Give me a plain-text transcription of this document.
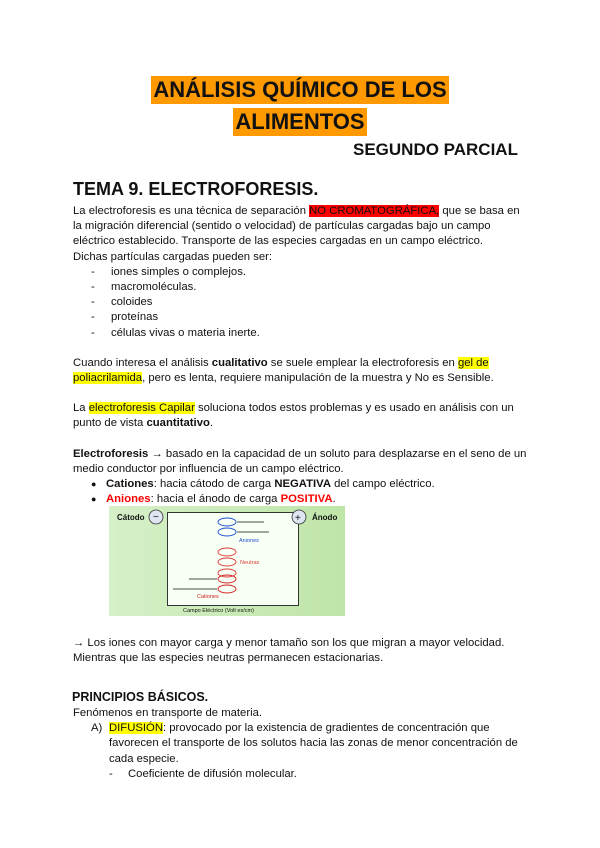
ANÁLISIS QUÍMICO DE LOS
ALIMENTOS
SEGUNDO PARCIAL
TEMA 9. ELECTROFORESIS.
La electroforesis es una técnica de separación NO CROMATOGRÁFICA, que se basa en la migración diferencial (sentido o velocidad) de partículas cargadas bajo un campo eléctrico establecido. Transporte de las especies cargadas en un campo eléctrico.
Dichas partículas cargadas pueden ser:
- iones simples o complejos.
- macromoléculas.
- coloides
- proteínas
- células vivas o materia inerte.
Cuando interesa el análisis cualitativo se suele emplear la electroforesis en gel de poliacrilamida, pero es lenta, requiere manipulación de la muestra y No es Sensible.
La electroforesis Capilar soluciona todos estos problemas y es usado en análisis con un punto de vista cuantitativo.
Electroforesis → basado en la capacidad de un soluto para desplazarse en el seno de un medio conductor por influencia de un campo eléctrico.
● Cationes: hacia cátodo de carga NEGATIVA del campo eléctrico.
● Aniones: hacia el ánodo de carga POSITIVA.
Cátodo −	+ Ánodo
Aniones
Neutras
Cationes
Campo Eléctrico (Volt es/cm)
→ Los iones con mayor carga y menor tamaño son los que migran a mayor velocidad.
Mientras que las especies neutras permanecen estacionarias.
PRINCIPIOS BÁSICOS.
Fenómenos en transporte de materia.
A) DIFUSIÓN: provocado por la existencia de gradientes de concentración que favorecen el transporte de los solutos hacia las zonas de menor concentración de cada especie.
- Coeficiente de difusión molecular.
